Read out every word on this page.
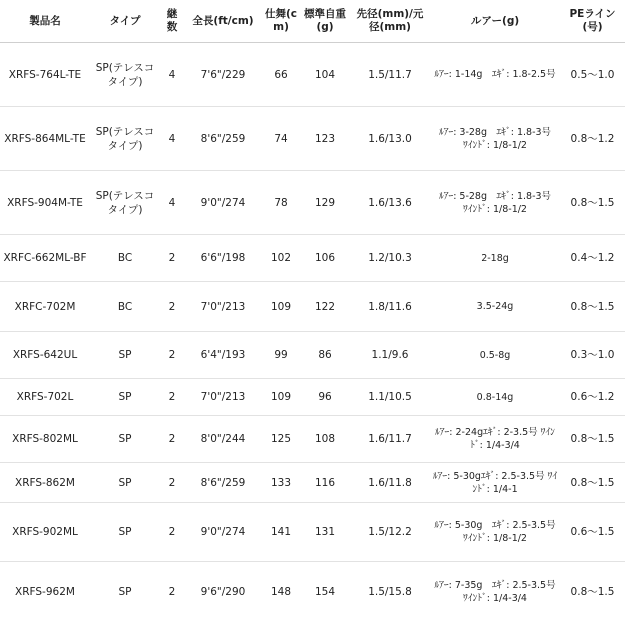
製品名	タイプ	継数	全長(ft/cm)	仕舞(cm)	標準自重(g)	先径(mm)/元径(mm)	ルアー(g)	PEライン(号)
XRFS-764L-TE	SP(テレスコタイプ)	4	7'6"/229	66	104	1.5/11.7	ﾙｱｰ: 1-14g　ｴｷﾞ: 1.8-2.5号	0.5〜1.0
XRFS-864ML-TE	SP(テレスコタイプ)	4	8'6"/259	74	123	1.6/13.0	ﾙｱｰ: 3-28g　ｴｷﾞ: 1.8-3号　ﾜｲﾝﾄﾞ: 1/8-1/2	0.8〜1.2
XRFS-904M-TE	SP(テレスコタイプ)	4	9'0"/274	78	129	1.6/13.6	ﾙｱｰ: 5-28g　ｴｷﾞ: 1.8-3号　ﾜｲﾝﾄﾞ: 1/8-1/2	0.8〜1.5
XRFC-662ML-BF	BC	2	6'6"/198	102	106	1.2/10.3	2-18g	0.4〜1.2
XRFC-702M	BC	2	7'0"/213	109	122	1.8/11.6	3.5-24g	0.8〜1.5
XRFS-642UL	SP	2	6'4"/193	99	86	1.1/9.6	0.5-8g	0.3〜1.0
XRFS-702L	SP	2	7'0"/213	109	96	1.1/10.5	0.8-14g	0.6〜1.2
XRFS-802ML	SP	2	8'0"/244	125	108	1.6/11.7	ﾙｱｰ: 2-24gｴｷﾞ: 2-3.5号 ﾜｲﾝﾄﾞ: 1/4-3/4	0.8〜1.5
XRFS-862M	SP	2	8'6"/259	133	116	1.6/11.8	ﾙｱｰ: 5-30gｴｷﾞ: 2.5-3.5号 ﾜｲﾝﾄﾞ: 1/4-1	0.8〜1.5
XRFS-902ML	SP	2	9'0"/274	141	131	1.5/12.2	ﾙｱｰ: 5-30g　ｴｷﾞ: 2.5-3.5号　ﾜｲﾝﾄﾞ: 1/8-1/2	0.6〜1.5
XRFS-962M	SP	2	9'6"/290	148	154	1.5/15.8	ﾙｱｰ: 7-35g　ｴｷﾞ: 2.5-3.5号　ﾜｲﾝﾄﾞ: 1/4-3/4	0.8〜1.5
